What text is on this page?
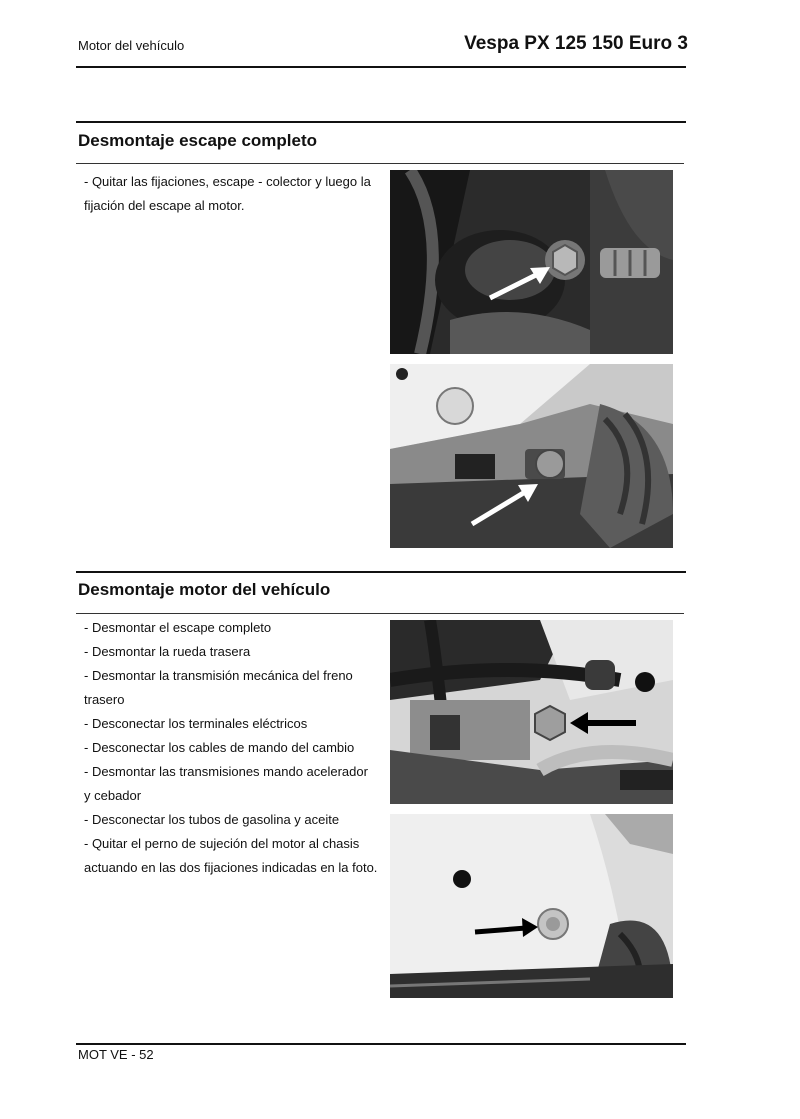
Motor del vehículo	Vespa PX 125 150 Euro 3
Desmontaje escape completo

- Quitar las fijaciones, escape - colector y luego la

fijación del escape al motor.

Desmontaje motor del vehículo

- Desmontar el escape completo

- Desmontar la rueda trasera

- Desmontar la transmisión mecánica del freno

trasero

- Desconectar los terminales eléctricos

- Desconectar los cables de mando del cambio

- Desmontar las transmisiones mando acelerador

y cebador

- Desconectar los tubos de gasolina y aceite

- Quitar el perno de sujeción del motor al chasis

actuando en las dos fijaciones indicadas en la foto.

MOT VE - 52
